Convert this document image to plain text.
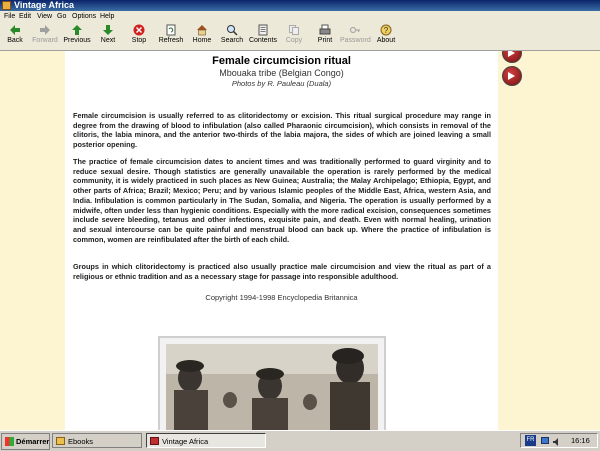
Vintage Africa
File Edit View Go Options Help
Back	Forward Previous	Next	Stop	Refresh	Home	Search Contents	Copy	Print	Password
?
About
Female circumcision ritual
Mbouaka tribe (Belgian Congo)
Photos by R. Pauleau (Duala)

Female circumcision is usually referred to as clitoridectomy or excision. This ritual surgical procedure may range in degree from the drawing of blood to infibulation (also called Pharaonic circumcision), which consists in removal of the clitoris, the labia minora, and the anterior two-thirds of the labia majora, the sides of which are joined leaving a small posterior opening.

The practice of female circumcision dates to ancient times and was traditionally performed to guard virginity and to reduce sexual desire. Though statistics are generally unavailable the operation is rarely performed by the medical community, it is widely practiced in such places as New Guinea; Australia; the Malay Archipelago; Ethiopia, Egypt, and other parts of Africa; Brazil; Mexico; Peru; and by various Islamic peoples of the Middle East, Africa, western Asia, and India. Infibulation is common particularly in The Sudan, Somalia, and Nigeria. The operation is usually performed by a midwife, often under less than hygienic conditions. Especially with the more radical excision, consequences sometimes include severe bleeding, tetanus and other infections, exquisite pain, and death. Even with normal healing, urination and sexual intercourse can be quite painful and menstrual blood can back up. Where the practice of infibulation is common, women are reinfibulated after the birth of each child.

Groups in which clitoridectomy is practiced also usually practice male circumcision and view the ritual as part of a religious or ethnic tradition and as a necessary stage for passage into responsible adulthood.

Copyright 1994-1998 Encyclopedia Britannica
Démarrer Ebooks	Vintage Africa	FR	16:16
